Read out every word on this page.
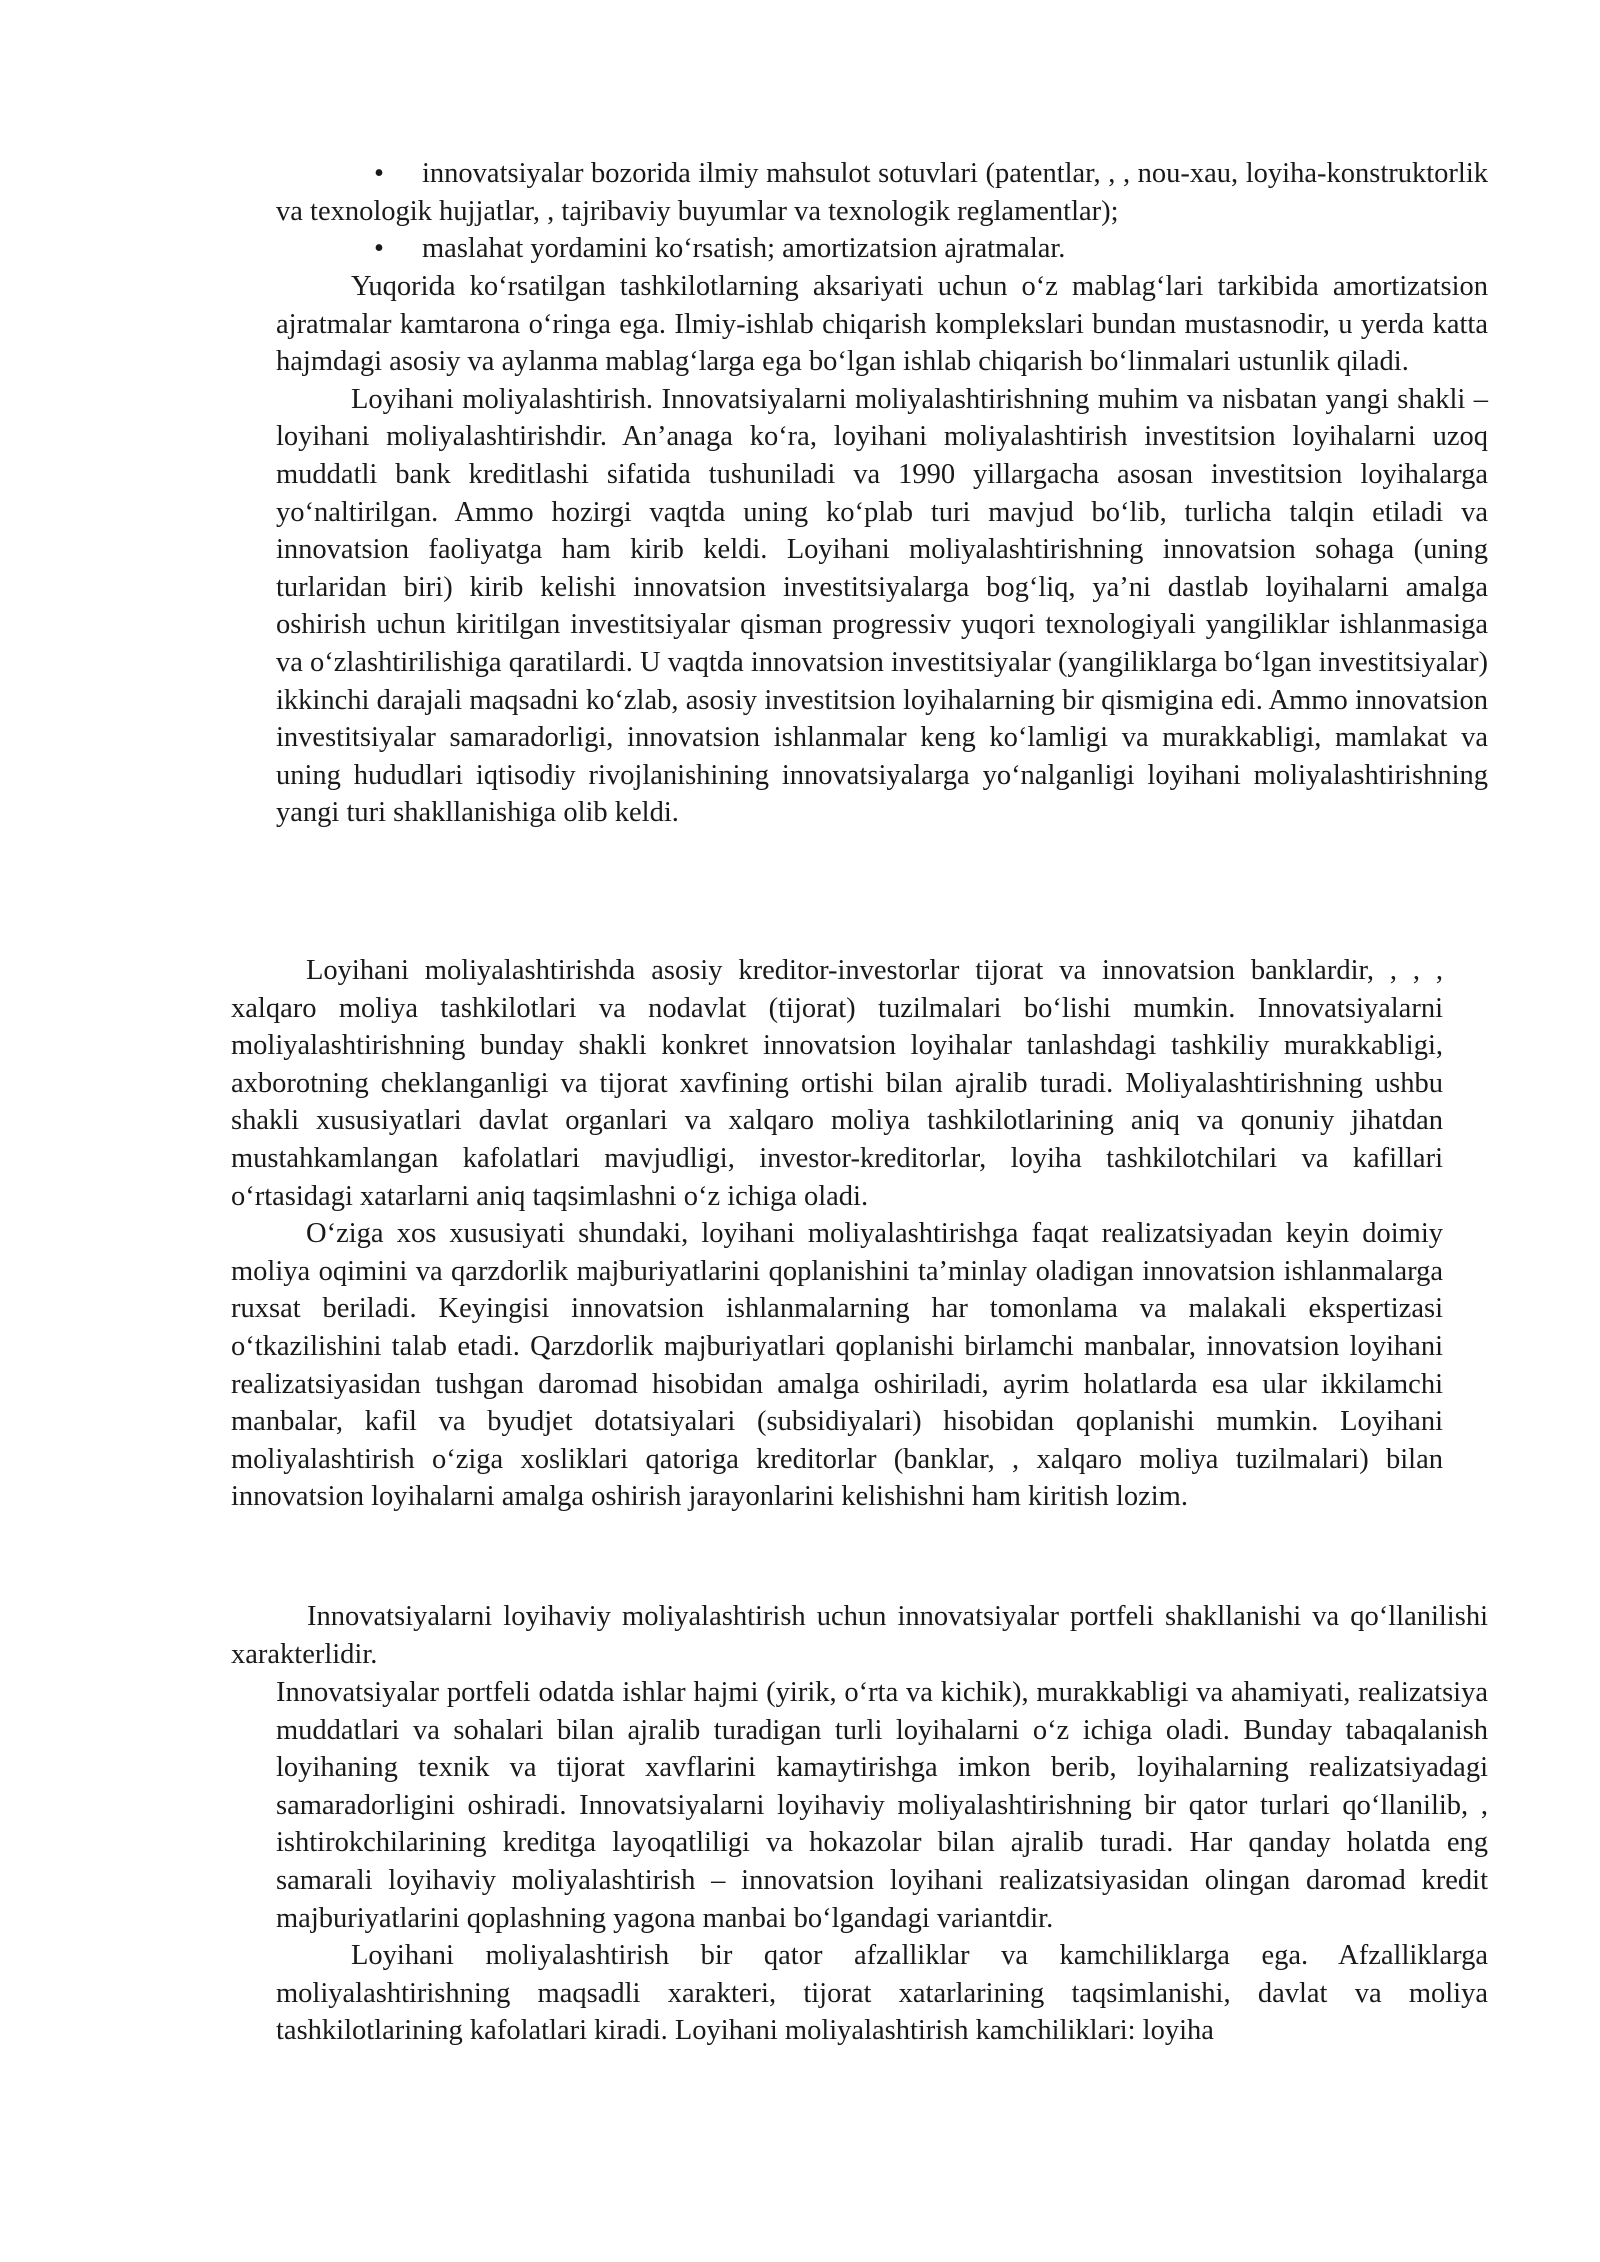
• innovatsiyalar bozorida ilmiy mahsulot sotuvlari (patentlar, , , nou-xau, loyiha-konstruktorlik va texnologik hujjatlar, , tajribaviy buyumlar va texnologik reglamentlar);

• maslahat yordamini ko‘rsatish; amortizatsion ajratmalar.

Yuqorida ko‘rsatilgan tashkilotlarning aksariyati uchun o‘z mablag‘lari tarkibida amortizatsion ajratmalar kamtarona o‘ringa ega. Ilmiy-ishlab chiqarish komplekslari bundan mustasnodir, u yerda katta hajmdagi asosiy va aylanma mablag‘larga ega bo‘lgan ishlab chiqarish bo‘linmalari ustunlik qiladi.

Loyihani moliyalashtirish. Innovatsiyalarni moliyalashtirishning muhim va nisbatan yangi shakli – loyihani moliyalashtirishdir. An’anaga ko‘ra, loyihani moliyalashtirish investitsion loyihalarni uzoq muddatli bank kreditlashi sifatida tushuniladi va 1990 yillargacha asosan investitsion loyihalarga yo‘naltirilgan. Ammo hozirgi vaqtda uning ko‘plab turi mavjud bo‘lib, turlicha talqin etiladi va innovatsion faoliyatga ham kirib keldi. Loyihani moliyalashtirishning innovatsion sohaga (uning turlaridan biri) kirib kelishi innovatsion investitsiyalarga bog‘liq, ya’ni dastlab loyihalarni amalga oshirish uchun kiritilgan investitsiyalar qisman progressiv yuqori texnologiyali yangiliklar ishlanmasiga va o‘zlashtirilishiga qaratilardi. U vaqtda innovatsion investitsiyalar (yangiliklarga bo‘lgan investitsiyalar) ikkinchi darajali maqsadni ko‘zlab, asosiy investitsion loyihalarning bir qismigina edi. Ammo innovatsion investitsiyalar samaradorligi, innovatsion ishlanmalar keng ko‘lamligi va murakkabligi, mamlakat va uning hududlari iqtisodiy rivojlanishining innovatsiyalarga yo‘nalganligi loyihani moliyalashtirishning yangi turi shakllanishiga olib keldi.

Loyihani moliyalashtirishda asosiy kreditor-investorlar tijorat va innovatsion banklardir, , , , xalqaro moliya tashkilotlari va nodavlat (tijorat) tuzilmalari bo‘lishi mumkin. Innovatsiyalarni moliyalashtirishning bunday shakli konkret innovatsion loyihalar tanlashdagi tashkiliy murakkabligi, axborotning cheklanganligi va tijorat xavfining ortishi bilan ajralib turadi. Moliyalashtirishning ushbu shakli xususiyatlari davlat organlari va xalqaro moliya tashkilotlarining aniq va qonuniy jihatdan mustahkamlangan kafolatlari mavjudligi, investor-kreditorlar, loyiha tashkilotchilari va kafillari o‘rtasidagi xatarlarni aniq taqsimlashni o‘z ichiga oladi.

O‘ziga xos xususiyati shundaki, loyihani moliyalashtirishga faqat realizatsiyadan keyin doimiy moliya oqimini va qarzdorlik majburiyatlarini qoplanishini ta’minlay oladigan innovatsion ishlanmalarga ruxsat beriladi. Keyingisi innovatsion ishlanmalarning har tomonlama va malakali ekspertizasi o‘tkazilishini talab etadi. Qarzdorlik majburiyatlari qoplanishi birlamchi manbalar, innovatsion loyihani realizatsiyasidan tushgan daromad hisobidan amalga oshiriladi, ayrim holatlarda esa ular ikkilamchi manbalar, kafil va byudjet dotatsiyalari (subsidiyalari) hisobidan qoplanishi mumkin. Loyihani moliyalashtirish o‘ziga xosliklari qatoriga kreditorlar (banklar, , xalqaro moliya tuzilmalari) bilan innovatsion loyihalarni amalga oshirish jarayonlarini kelishishni ham kiritish lozim.

Innovatsiyalarni loyihaviy moliyalashtirish uchun innovatsiyalar portfeli shakllanishi va qo‘llanilishi xarakterlidir.

Innovatsiyalar portfeli odatda ishlar hajmi (yirik, o‘rta va kichik), murakkabligi va ahamiyati, realizatsiya muddatlari va sohalari bilan ajralib turadigan turli loyihalarni o‘z ichiga oladi. Bunday tabaqalanish loyihaning texnik va tijorat xavflarini kamaytirishga imkon berib, loyihalarning realizatsiyadagi samaradorligini oshiradi. Innovatsiyalarni loyihaviy moliyalashtirishning bir qator turlari qo‘llanilib, , ishtirokchilarining kreditga layoqatliligi va hokazolar bilan ajralib turadi. Har qanday holatda eng samarali loyihaviy moliyalashtirish – innovatsion loyihani realizatsiyasidan olingan daromad kredit majburiyatlarini qoplashning yagona manbai bo‘lgandagi variantdir.

Loyihani moliyalashtirish bir qator afzalliklar va kamchiliklarga ega. Afzalliklarga moliyalashtirishning maqsadli xarakteri, tijorat xatarlarining taqsimlanishi, davlat va moliya tashkilotlarining kafolatlari kiradi. Loyihani moliyalashtirish kamchiliklari: loyiha
